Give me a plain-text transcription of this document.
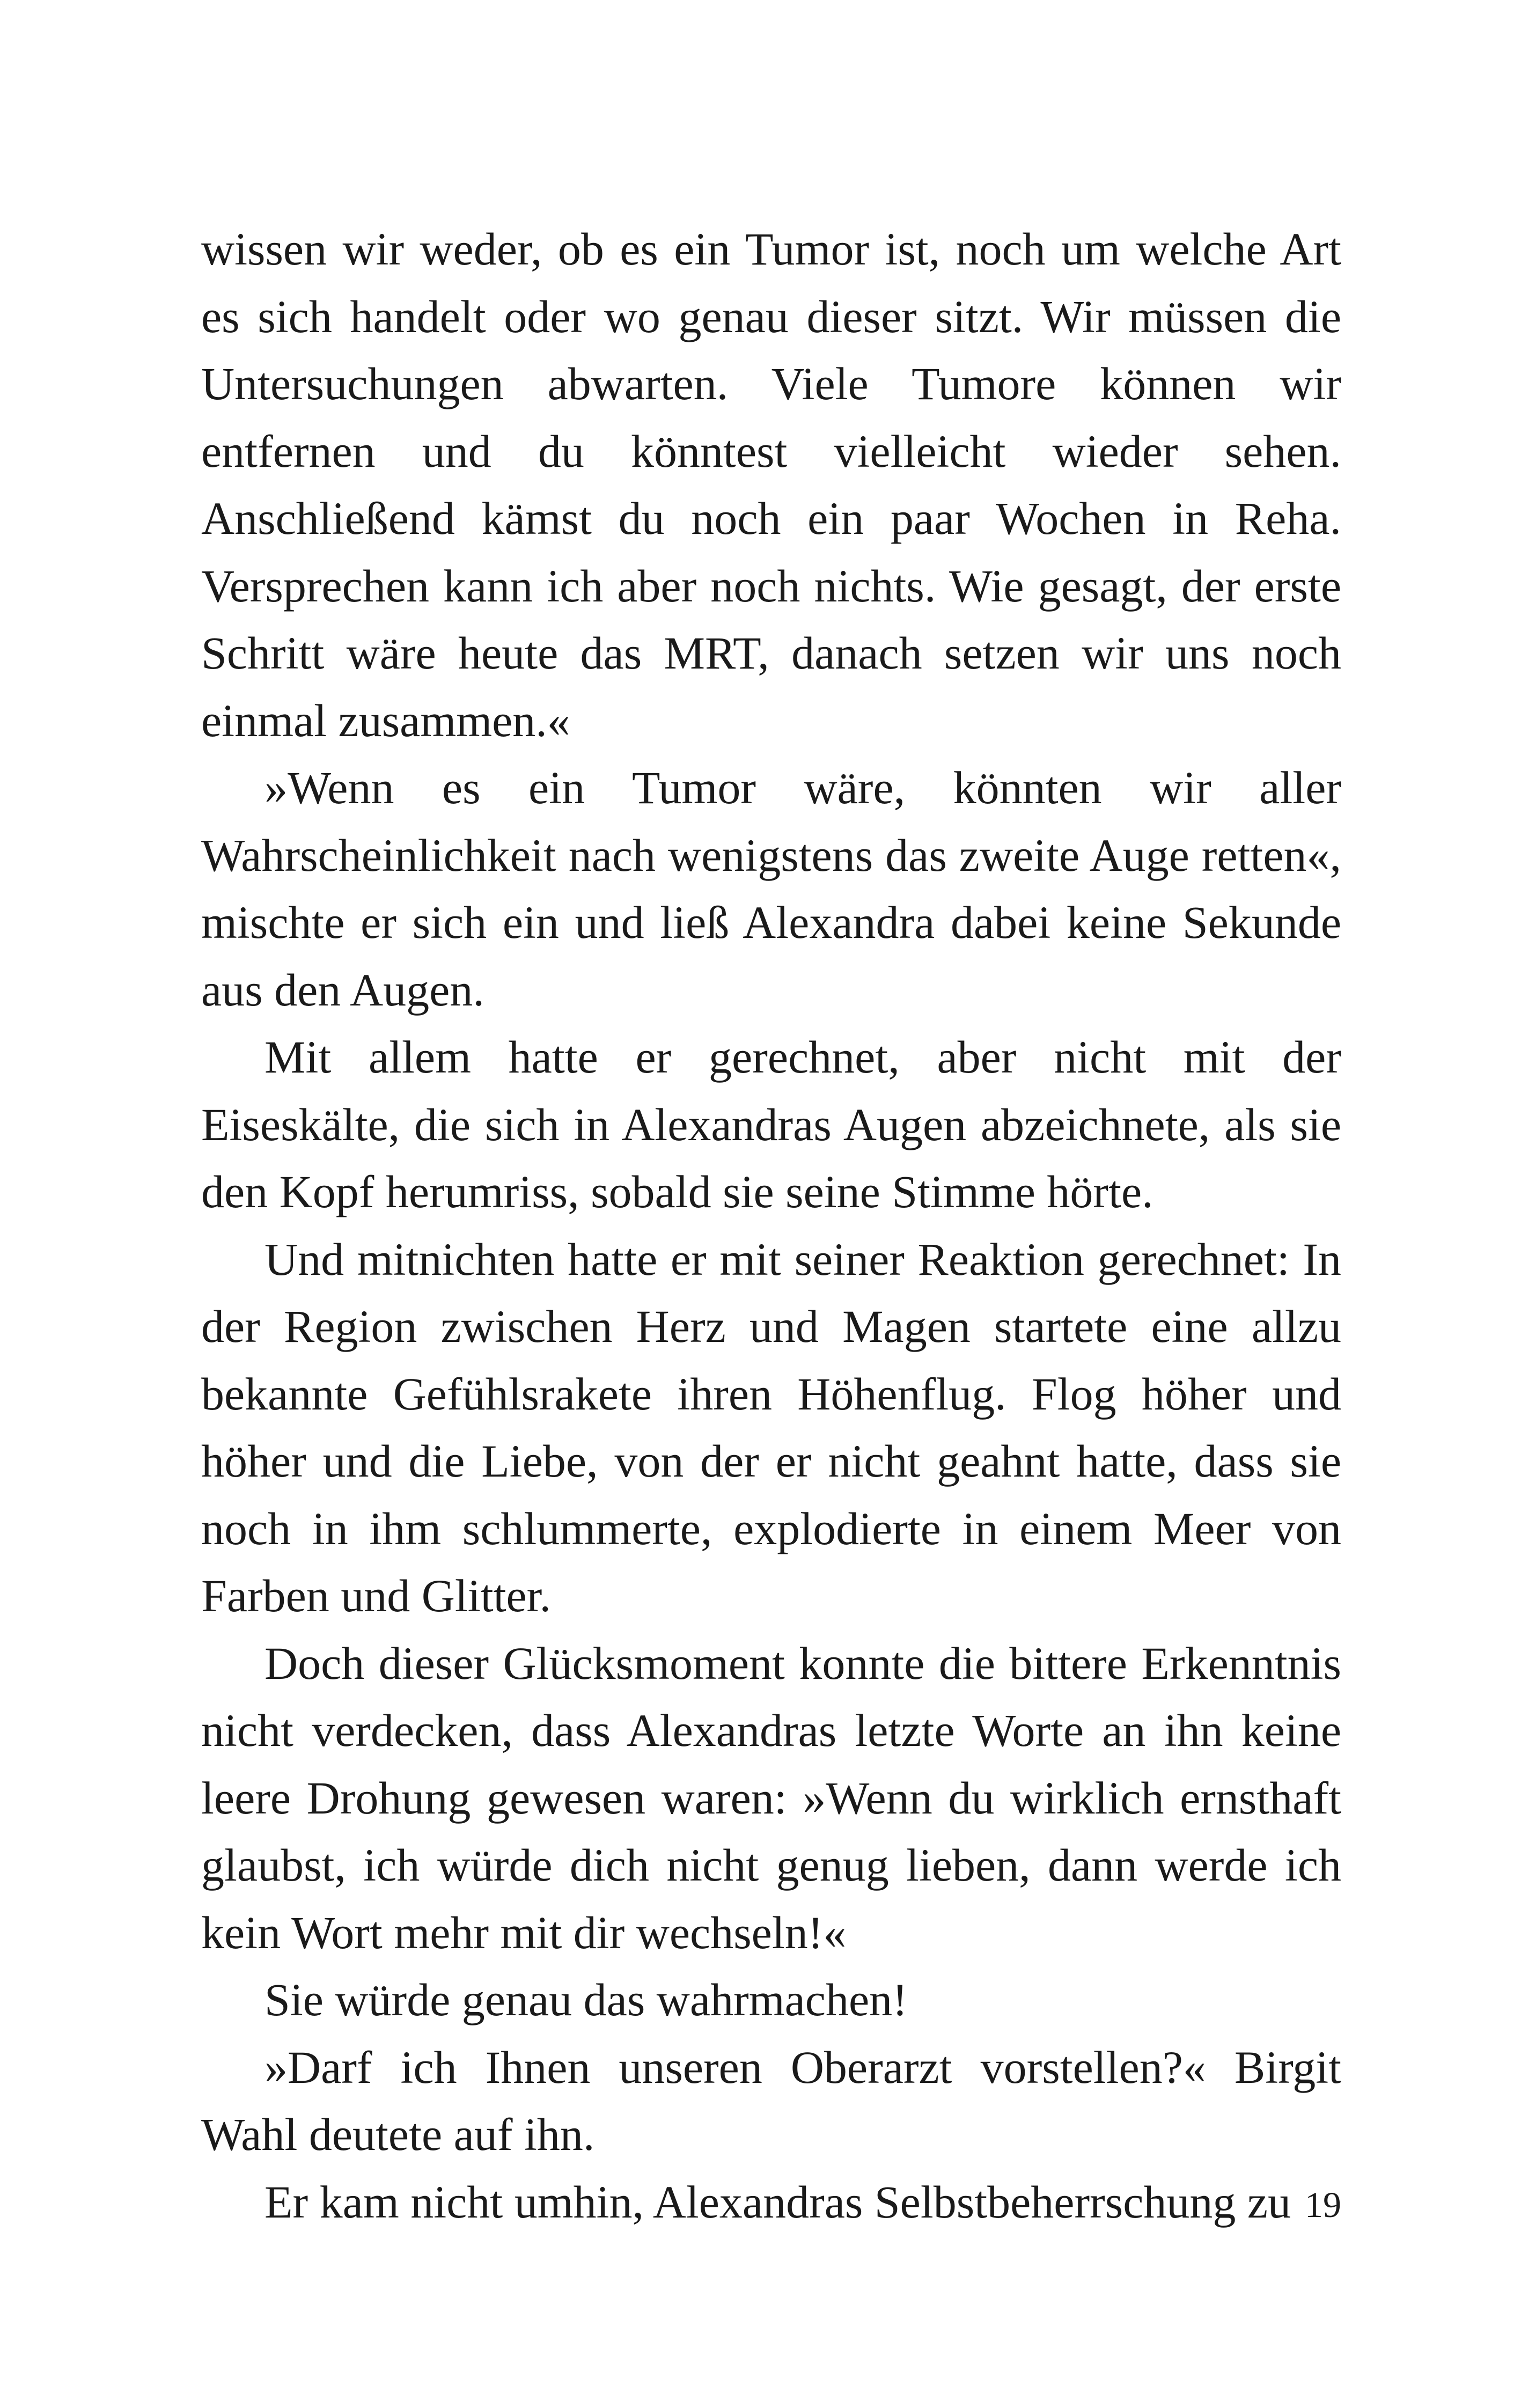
wissen wir weder, ob es ein Tumor ist, noch um welche Art es sich handelt oder wo genau dieser sitzt. Wir müssen die Untersuchungen abwarten. Viele Tumore können wir entfernen und du könntest vielleicht wieder sehen. Anschließend kämst du noch ein paar Wochen in Reha. Versprechen kann ich aber noch nichts. Wie gesagt, der erste Schritt wäre heute das MRT, danach setzen wir uns noch einmal zusammen.«

»Wenn es ein Tumor wäre, könnten wir aller Wahrscheinlichkeit nach wenigstens das zweite Auge retten«, mischte er sich ein und ließ Alexandra dabei keine Sekunde aus den Augen.

Mit allem hatte er gerechnet, aber nicht mit der Eiseskälte, die sich in Alexandras Augen abzeichnete, als sie den Kopf herumriss, sobald sie seine Stimme hörte.

Und mitnichten hatte er mit seiner Reaktion gerechnet: In der Region zwischen Herz und Magen startete eine allzu bekannte Gefühlsrakete ihren Höhenflug. Flog höher und höher und die Liebe, von der er nicht geahnt hatte, dass sie noch in ihm schlummerte, explodierte in einem Meer von Farben und Glitter.

Doch dieser Glücksmoment konnte die bittere Erkenntnis nicht verdecken, dass Alexandras letzte Worte an ihn keine leere Drohung gewesen waren: »Wenn du wirklich ernsthaft glaubst, ich würde dich nicht genug lieben, dann werde ich kein Wort mehr mit dir wechseln!«

Sie würde genau das wahrmachen!

»Darf ich Ihnen unseren Oberarzt vorstellen?« Birgit Wahl deutete auf ihn.

Er kam nicht umhin, Alexandras Selbstbeherrschung zu 19
